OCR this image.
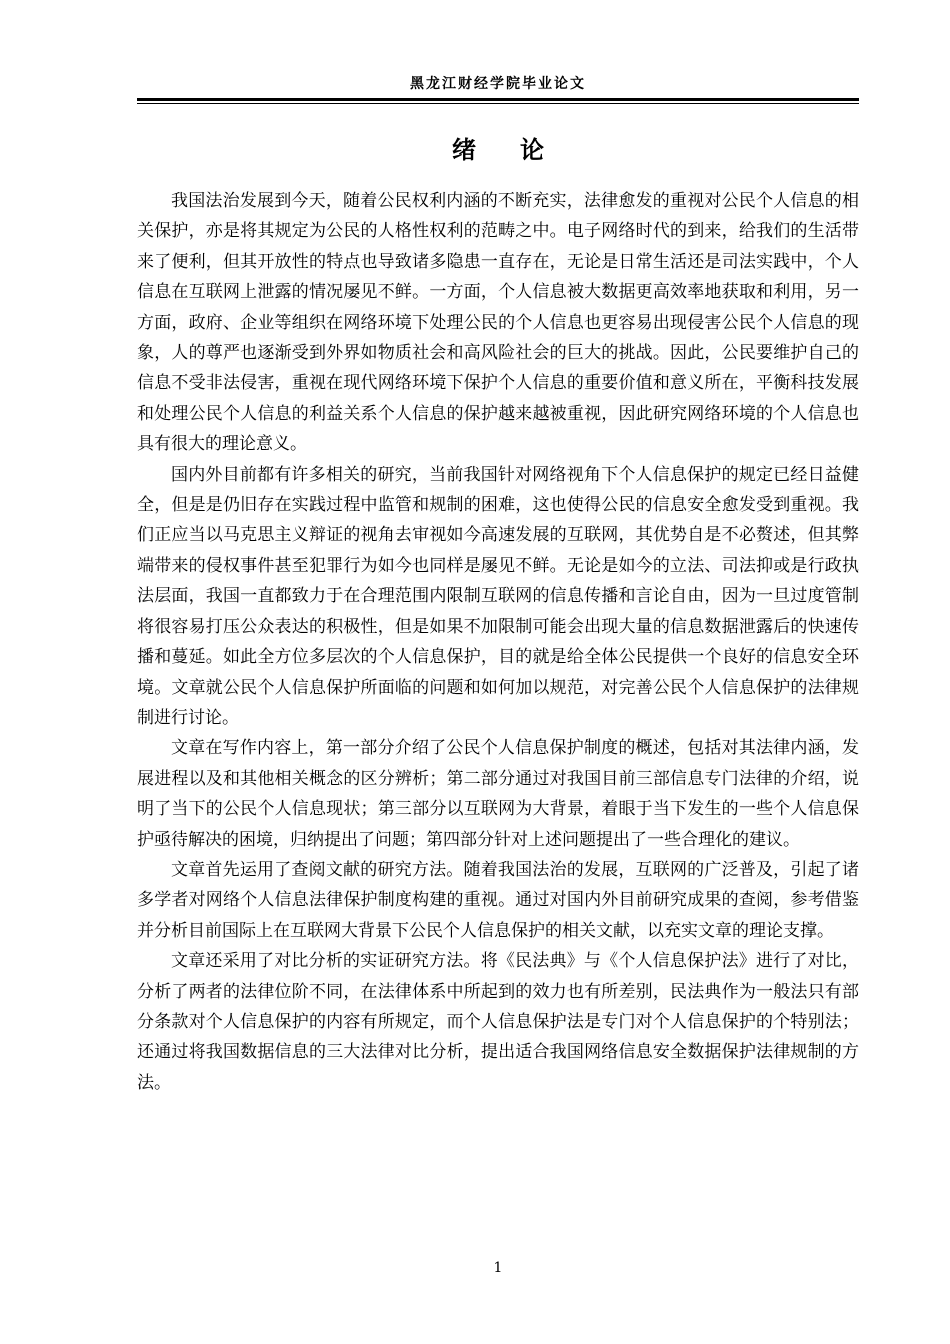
黑龙江财经学院毕业论文
绪论

我国法治发展到今天，随着公民权利内涵的不断充实，法律愈发的重视对公民个人信息的相关保护，亦是将其规定为公民的人格性权利的范畴之中。电子网络时代的到来，给我们的生活带来了便利，但其开放性的特点也导致诸多隐患一直存在，无论是日常生活还是司法实践中，个人信息在互联网上泄露的情况屡见不鲜。一方面，个人信息被大数据更高效率地获取和利用，另一方面，政府、企业等组织在网络环境下处理公民的个人信息也更容易出现侵害公民个人信息的现象，人的尊严也逐渐受到外界如物质社会和高风险社会的巨大的挑战。因此，公民要维护自己的信息不受非法侵害，重视在现代网络环境下保护个人信息的重要价值和意义所在，平衡科技发展和处理公民个人信息的利益关系个人信息的保护越来越被重视，因此研究网络环境的个人信息也具有很大的理论意义。

国内外目前都有许多相关的研究，当前我国针对网络视角下个人信息保护的规定已经日益健全，但是是仍旧存在实践过程中监管和规制的困难，这也使得公民的信息安全愈发受到重视。我们正应当以马克思主义辩证的视角去审视如今高速发展的互联网，其优势自是不必赘述，但其弊端带来的侵权事件甚至犯罪行为如今也同样是屡见不鲜。无论是如今的立法、司法抑或是行政执法层面，我国一直都致力于在合理范围内限制互联网的信息传播和言论自由，因为一旦过度管制将很容易打压公众表达的积极性，但是如果不加限制可能会出现大量的信息数据泄露后的快速传播和蔓延。如此全方位多层次的个人信息保护，目的就是给全体公民提供一个良好的信息安全环境。文章就公民个人信息保护所面临的问题和如何加以规范，对完善公民个人信息保护的法律规制进行讨论。

文章在写作内容上，第一部分介绍了公民个人信息保护制度的概述，包括对其法律内涵，发展进程以及和其他相关概念的区分辨析；第二部分通过对我国目前三部信息专门法律的介绍，说明了当下的公民个人信息现状；第三部分以互联网为大背景，着眼于当下发生的一些个人信息保护亟待解决的困境，归纳提出了问题；第四部分针对上述问题提出了一些合理化的建议。

文章首先运用了查阅文献的研究方法。随着我国法治的发展，互联网的广泛普及，引起了诸多学者对网络个人信息法律保护制度构建的重视。通过对国内外目前研究成果的查阅，参考借鉴并分析目前国际上在互联网大背景下公民个人信息保护的相关文献，以充实文章的理论支撑。

文章还采用了对比分析的实证研究方法。将《民法典》与《个人信息保护法》进行了对比，分析了两者的法律位阶不同，在法律体系中所起到的效力也有所差别，民法典作为一般法只有部分条款对个人信息保护的内容有所规定，而个人信息保护法是专门对个人信息保护的个特别法；还通过将我国数据信息的三大法律对比分析，提出适合我国网络信息安全数据保护法律规制的方法。

1
